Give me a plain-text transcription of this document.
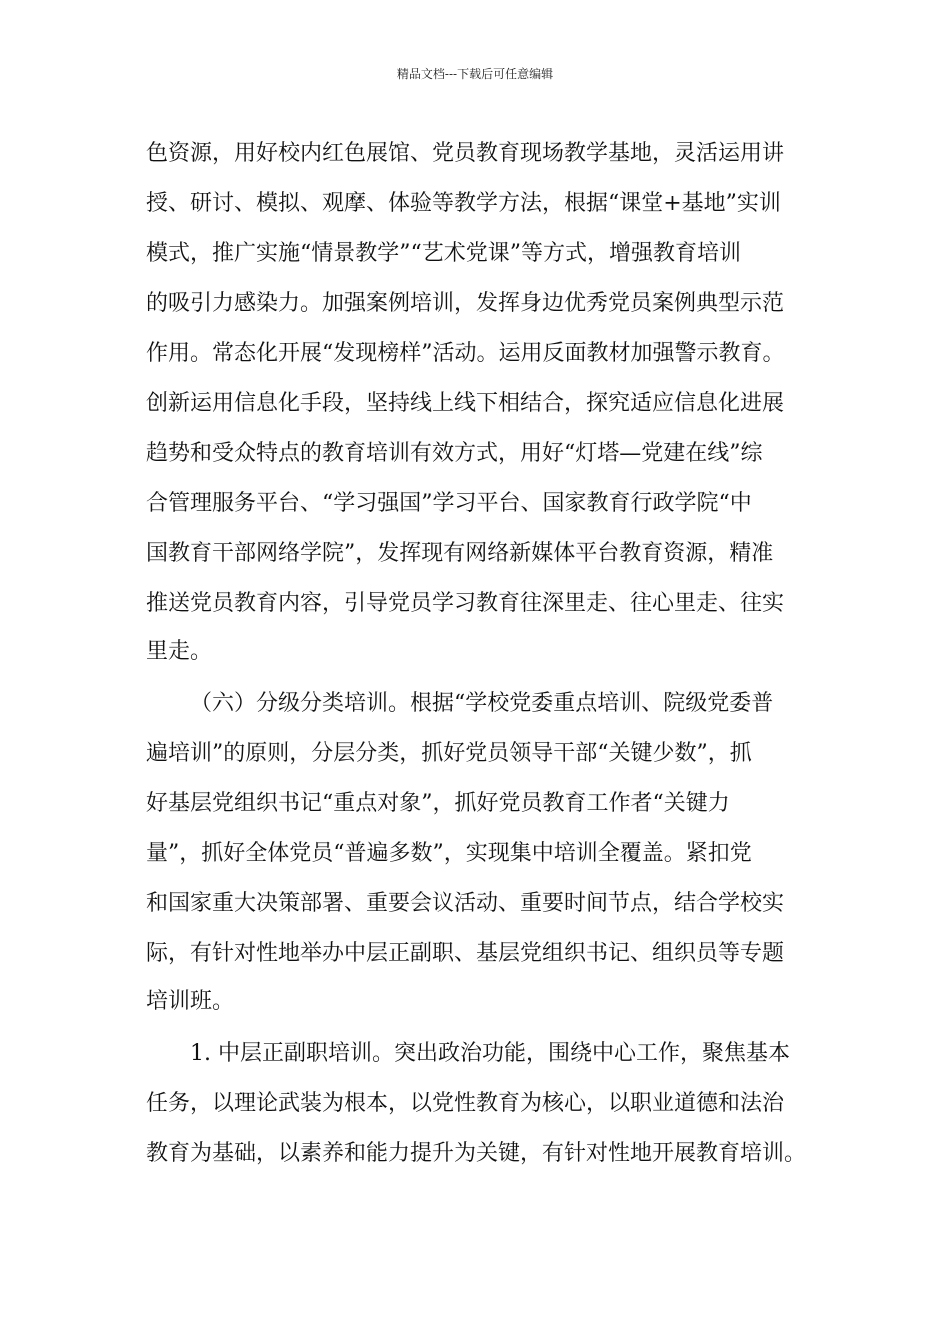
精品文档---下载后可任意编辑
色资源，用好校内红色展馆、党员教育现场教学基地，灵活运用讲
授、研讨、模拟、观摩、体验等教学方法，根据“课堂+基地”实训
模式，推广实施“情景教学”“艺术党课”等方式，增强教育培训
的吸引力感染力。加强案例培训，发挥身边优秀党员案例典型示范
作用。常态化开展“发现榜样”活动。运用反面教材加强警示教育。
创新运用信息化手段，坚持线上线下相结合，探究适应信息化进展
趋势和受众特点的教育培训有效方式，用好“灯塔—党建在线”综
合管理服务平台、“学习强国”学习平台、国家教育行政学院“中
国教育干部网络学院”，发挥现有网络新媒体平台教育资源，精准
推送党员教育内容，引导党员学习教育往深里走、往心里走、往实
里走。
（六）分级分类培训。根据“学校党委重点培训、院级党委普
遍培训”的原则，分层分类，抓好党员领导干部“关键少数”，抓
好基层党组织书记“重点对象”，抓好党员教育工作者“关键力
量”，抓好全体党员“普遍多数”，实现集中培训全覆盖。紧扣党
和国家重大决策部署、重要会议活动、重要时间节点，结合学校实
际，有针对性地举办中层正副职、基层党组织书记、组织员等专题
培训班。
1. 中层正副职培训。突出政治功能，围绕中心工作，聚焦基本
任务，以理论武装为根本，以党性教育为核心，以职业道德和法治
教育为基础，以素养和能力提升为关键，有针对性地开展教育培训。
